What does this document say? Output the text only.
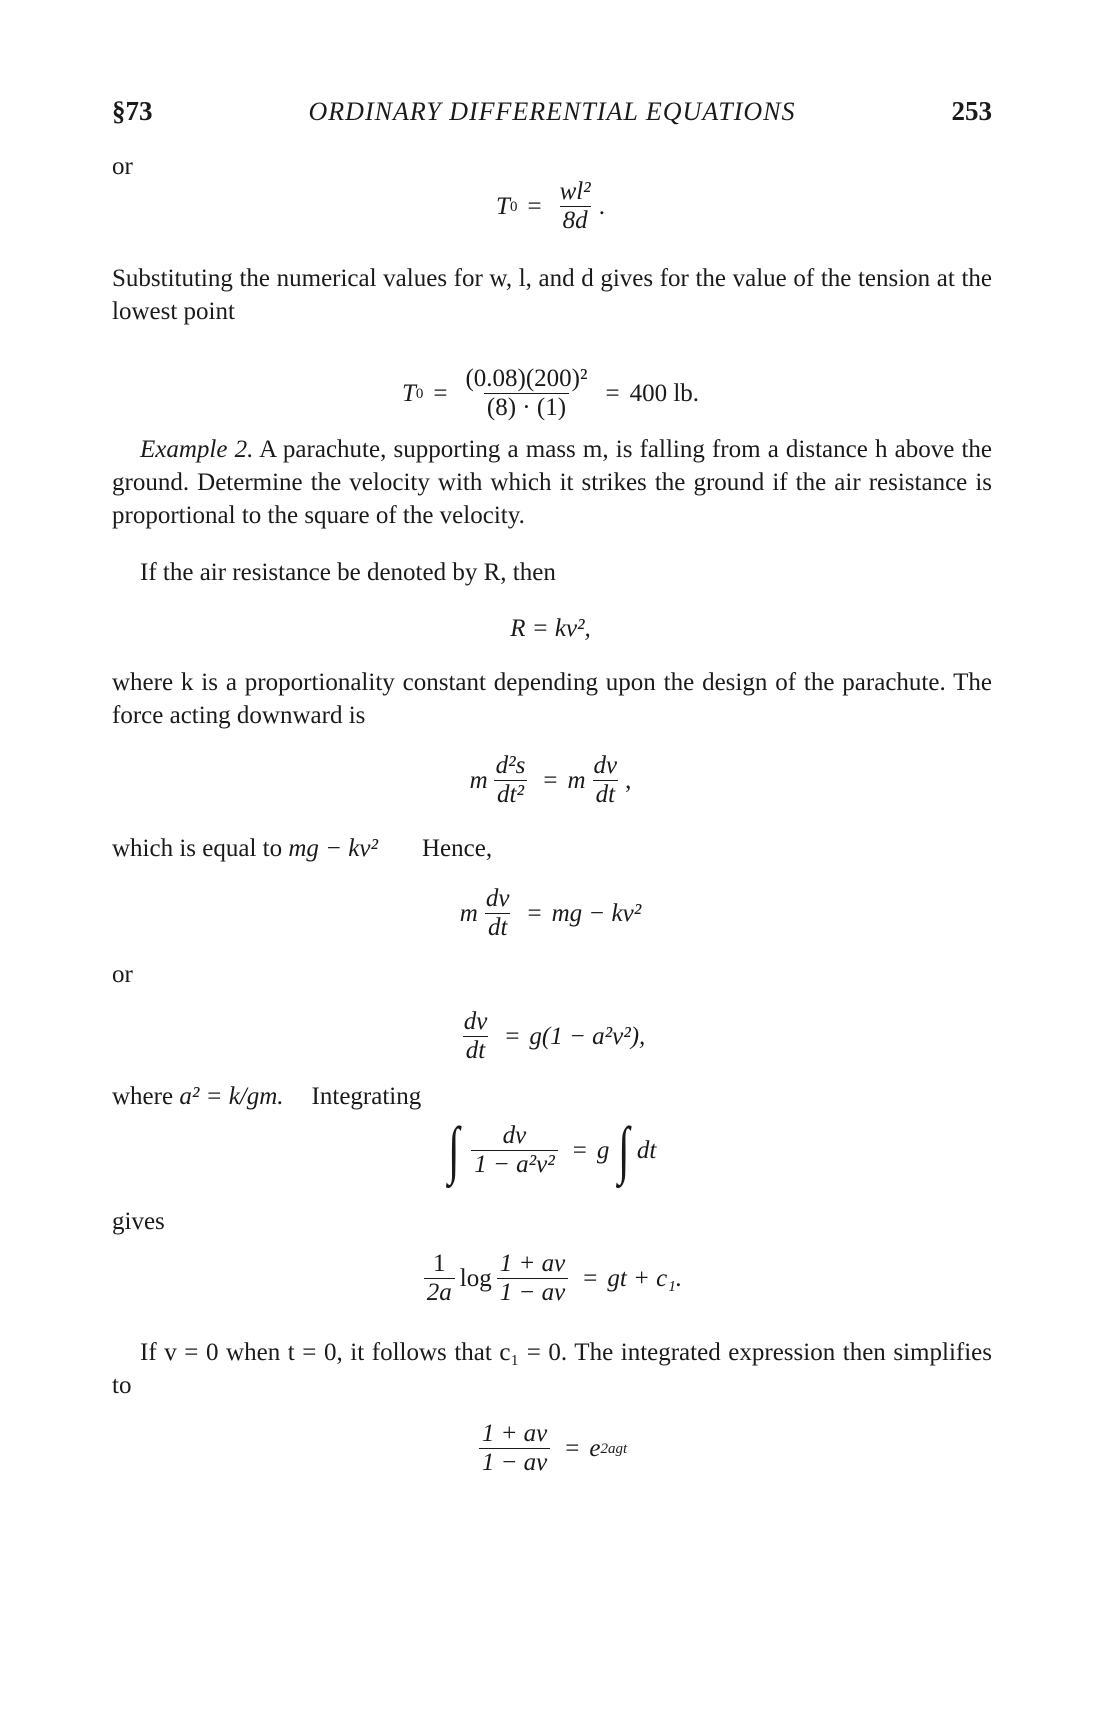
§73	ORDINARY DIFFERENTIAL EQUATIONS	253

or

T $0 = \frac{\text{wl²}}{8d}$ .

Substituting the numerical values for w, l, and d gives for the value of the tension at the lowest point

T $0 = \frac{\text{(0.08)(200)²}}{(8) \cdot (1)} = 400$ lb.

Example 2. A parachute, supporting a mass m, is falling from a distance h above the ground. Determine the velocity with which it strikes the ground if the air resistance is proportional to the square of the velocity.

If the air resistance be denoted by R, then

R = kv²,

where k is a proportionality constant depending upon the design of the parachute. The force acting downward is

m $\frac{\text{d²s}}{\text{dt²}} = m \frac{dv}{dt}$ ,

which is equal to mg − kv² Hence,

m $\frac{dv}{dt}$ = mg − kv²

or

$\frac{dv}{dt} = g(1 - a^2v^2)$,

where a² = k/gm. Integrating

∫ $\frac{dv}{\text{1 − a²v²}} = g$ ∫ dt

gives

$\frac{1}{2a}$ $\log \frac{1 + av}{1 - av}$ = gt + c₁.

If v = 0 when t = 0, it follows that c₁ = 0. The integrated expression then simplifies to

$\frac{1 + av}{1 - av} = e$ 2agt
